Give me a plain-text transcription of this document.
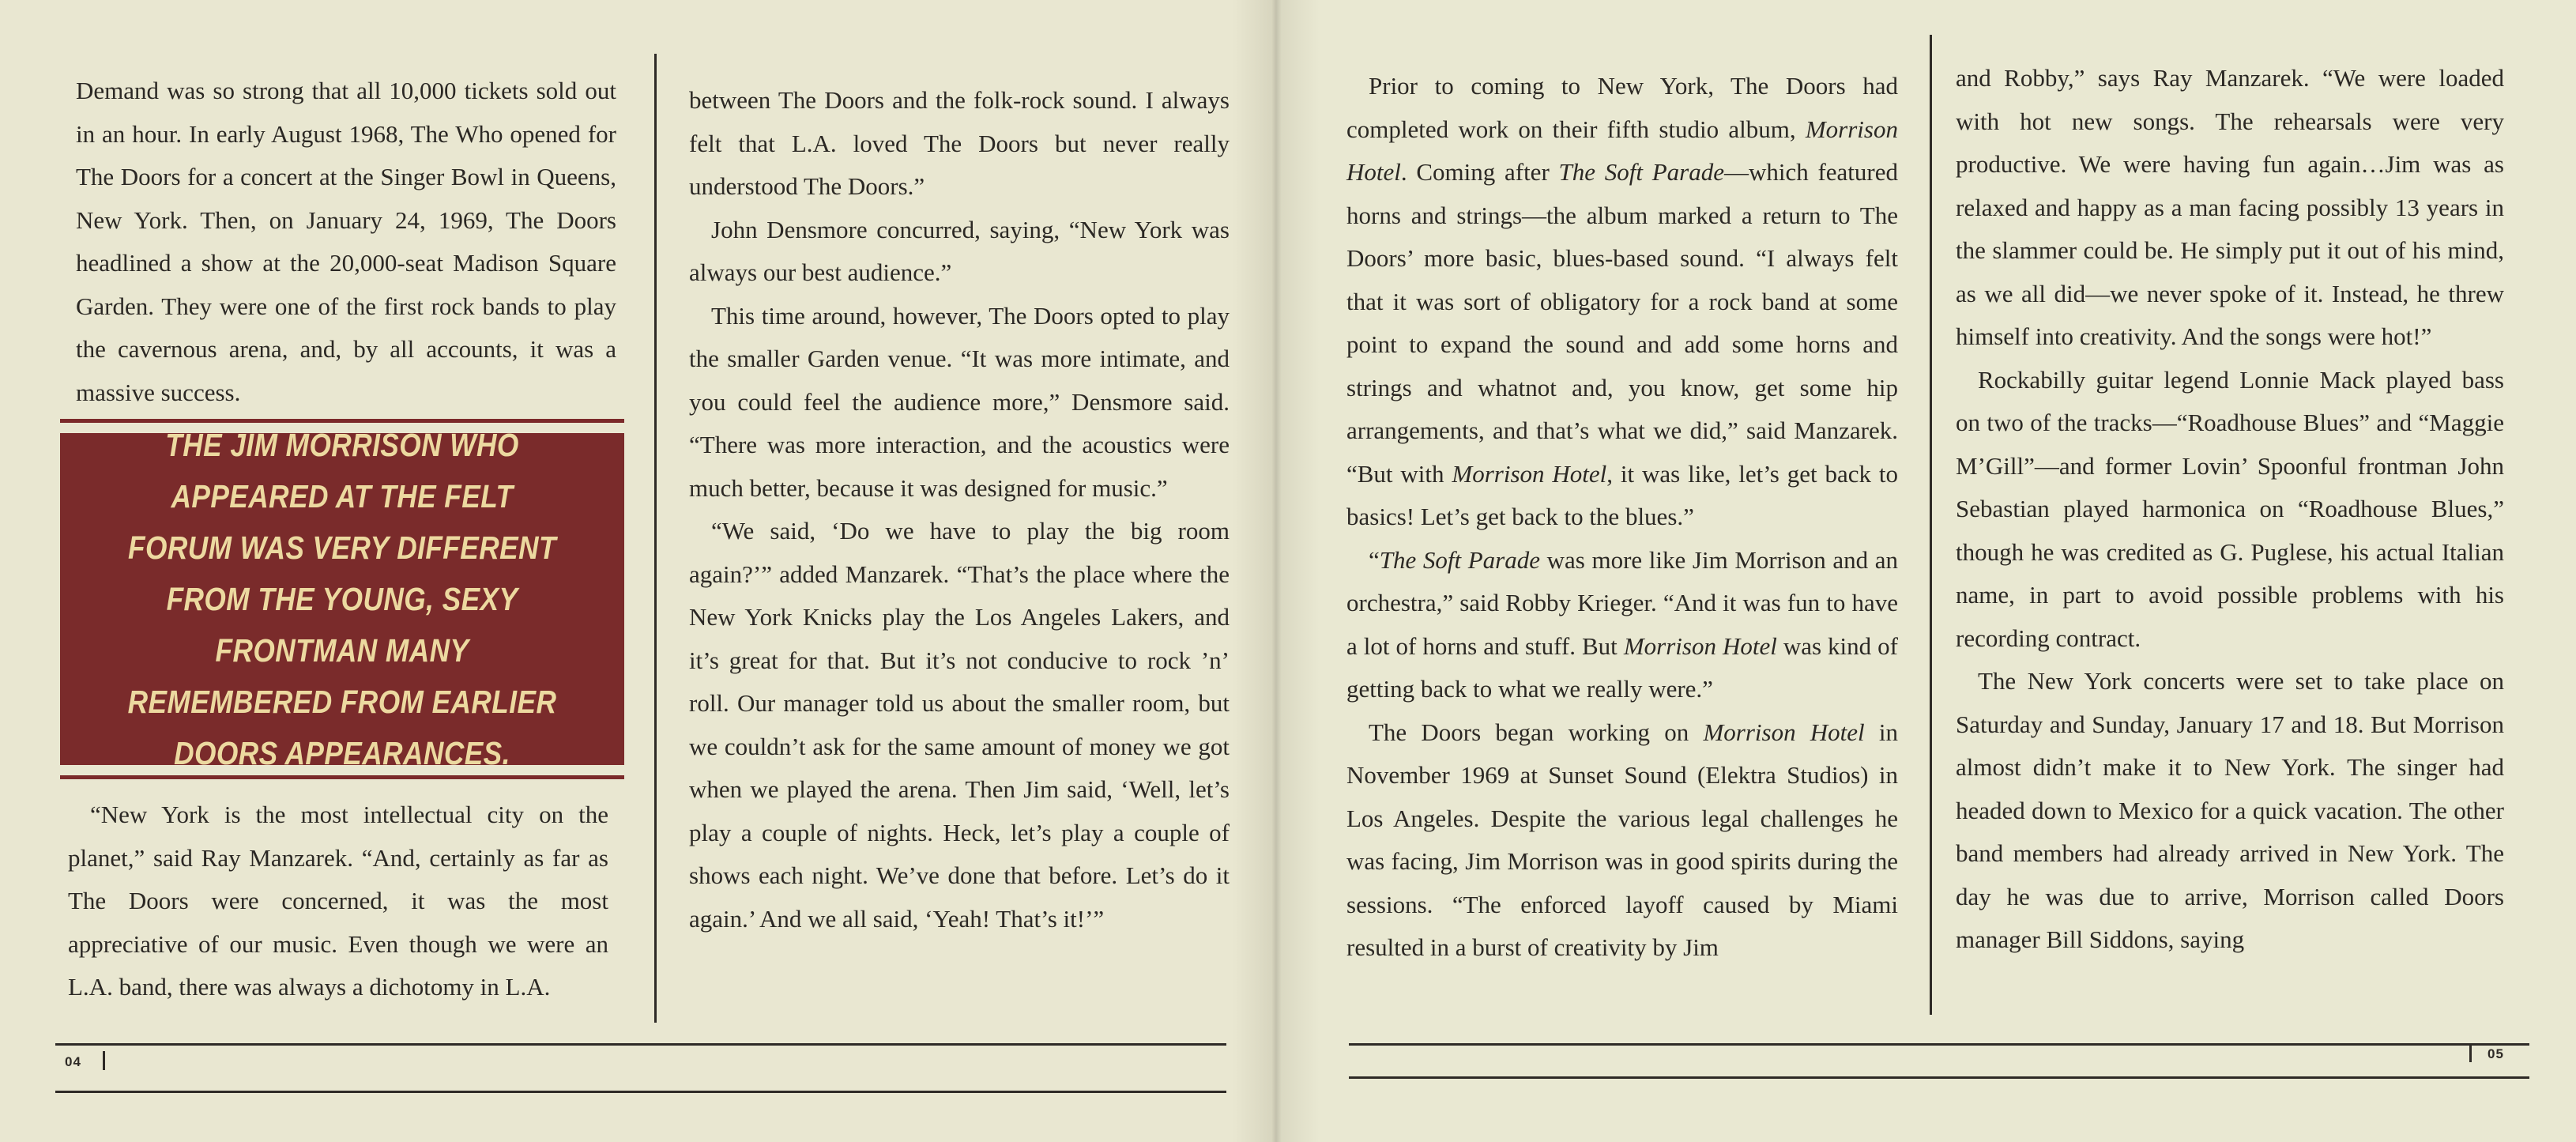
Demand was so strong that all 10,000 tickets sold out in an hour. In early August 1968, The Who opened for The Doors for a concert at the Singer Bowl in Queens, New York. Then, on January 24, 1969, The Doors headlined a show at the 20,000-seat Madison Square Garden. They were one of the first rock bands to play the cavernous arena, and, by all accounts, it was a massive success.

THE JIM MORRISON WHO APPEARED AT THE FELT FORUM WAS VERY DIFFERENT FROM THE YOUNG, SEXY FRONTMAN MANY REMEMBERED FROM EARLIER DOORS APPEARANCES.

“New York is the most intellectual city on the planet,” said Ray Manzarek. “And, certainly as far as The Doors were concerned, it was the most appreciative of our music. Even though we were an L.A. band, there was always a dichotomy in L.A.

between The Doors and the folk-rock sound. I always felt that L.A. loved The Doors but never really understood The Doors.”

John Densmore concurred, saying, “New York was always our best audience.”

This time around, however, The Doors opted to play the smaller Garden venue. “It was more intimate, and you could feel the audience more,” Densmore said. “There was more interaction, and the acoustics were much better, because it was designed for music.”

“We said, ‘Do we have to play the big room again?’” added Manzarek. “That’s the place where the New York Knicks play the Los Angeles Lakers, and it’s great for that. But it’s not conducive to rock ’n’ roll. Our manager told us about the smaller room, but we couldn’t ask for the same amount of money we got when we played the arena. Then Jim said, ‘Well, let’s play a couple of nights. Heck, let’s play a couple of shows each night. We’ve done that before. Let’s do it again.’ And we all said, ‘Yeah! That’s it!’”

04

Prior to coming to New York, The Doors had completed work on their fifth studio album, Morrison Hotel. Coming after The Soft Parade—which featured horns and strings—the album marked a return to The Doors’ more basic, blues-based sound. “I always felt that it was sort of obligatory for a rock band at some point to expand the sound and add some horns and strings and whatnot and, you know, get some hip arrangements, and that’s what we did,” said Manzarek. “But with Morrison Hotel, it was like, let’s get back to basics! Let’s get back to the blues.”

“The Soft Parade was more like Jim Morrison and an orchestra,” said Robby Krieger. “And it was fun to have a lot of horns and stuff. But Morrison Hotel was kind of getting back to what we really were.”

The Doors began working on Morrison Hotel in November 1969 at Sunset Sound (Elektra Studios) in Los Angeles. Despite the various legal challenges he was facing, Jim Morrison was in good spirits during the sessions. “The enforced layoff caused by Miami resulted in a burst of creativity by Jim

and Robby,” says Ray Manzarek. “We were loaded with hot new songs. The rehearsals were very productive. We were having fun again…Jim was as relaxed and happy as a man facing possibly 13 years in the slammer could be. He simply put it out of his mind, as we all did—we never spoke of it. Instead, he threw himself into creativity. And the songs were hot!”

Rockabilly guitar legend Lonnie Mack played bass on two of the tracks—“Roadhouse Blues” and “Maggie M’Gill”—and former Lovin’ Spoonful frontman John Sebastian played harmonica on “Roadhouse Blues,” though he was credited as G. Puglese, his actual Italian name, in part to avoid possible problems with his recording contract.

The New York concerts were set to take place on Saturday and Sunday, January 17 and 18. But Morrison almost didn’t make it to New York. The singer had headed down to Mexico for a quick vacation. The other band members had already arrived in New York. The day he was due to arrive, Morrison called Doors manager Bill Siddons, saying

05
